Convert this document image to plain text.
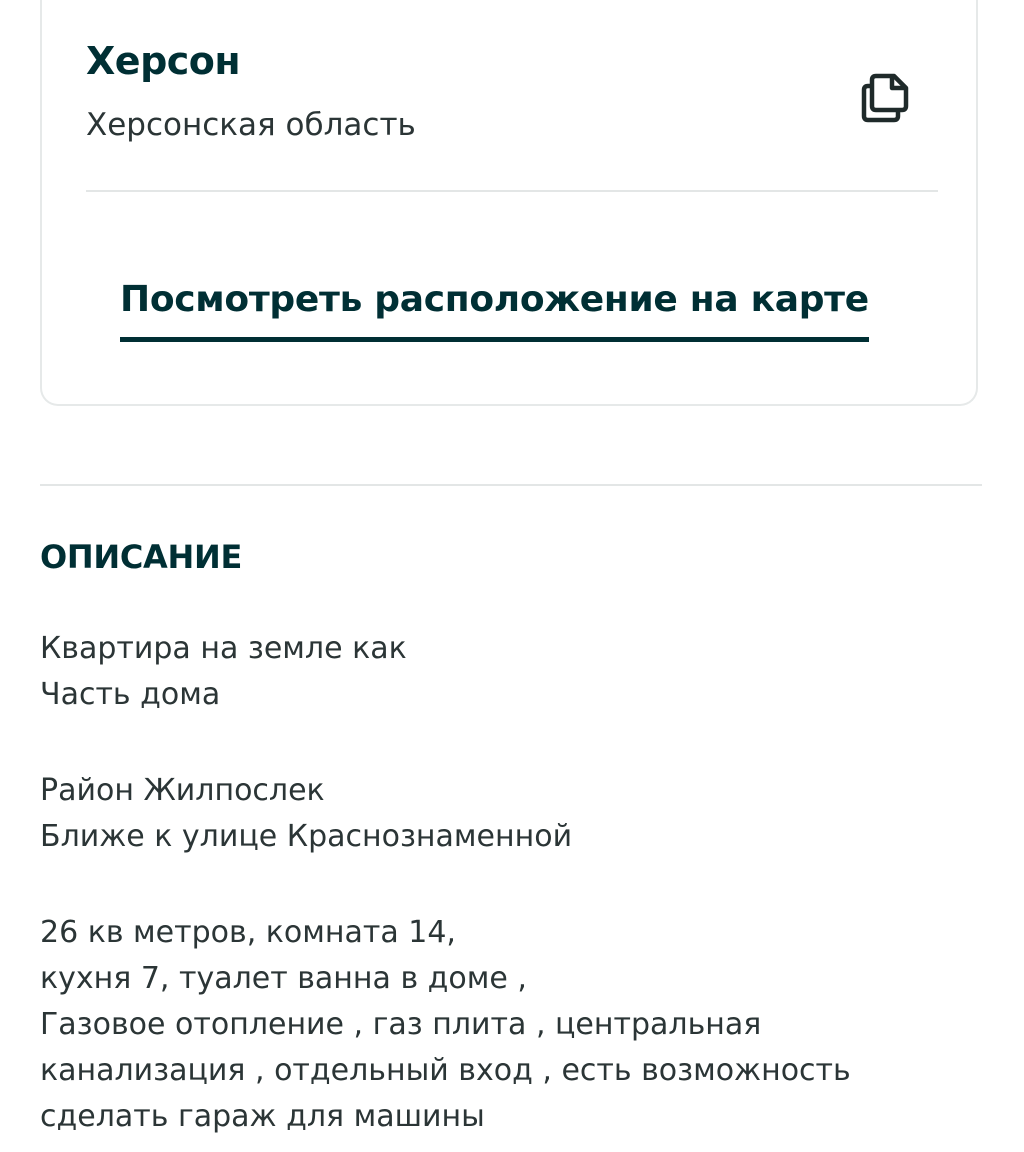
Херсон
Херсонская область
Посмотреть расположение на карте
ОПИСАНИЕ
Квартира на земле как
Часть дома
Район Жилпослек
Ближе к улице Краснознаменной
26 кв метров, комната 14,
кухня 7, туалет ванна в доме ,
Газовое отопление , газ плита , центральная
канализация , отдельный вход , есть возможность
сделать гараж для машины
